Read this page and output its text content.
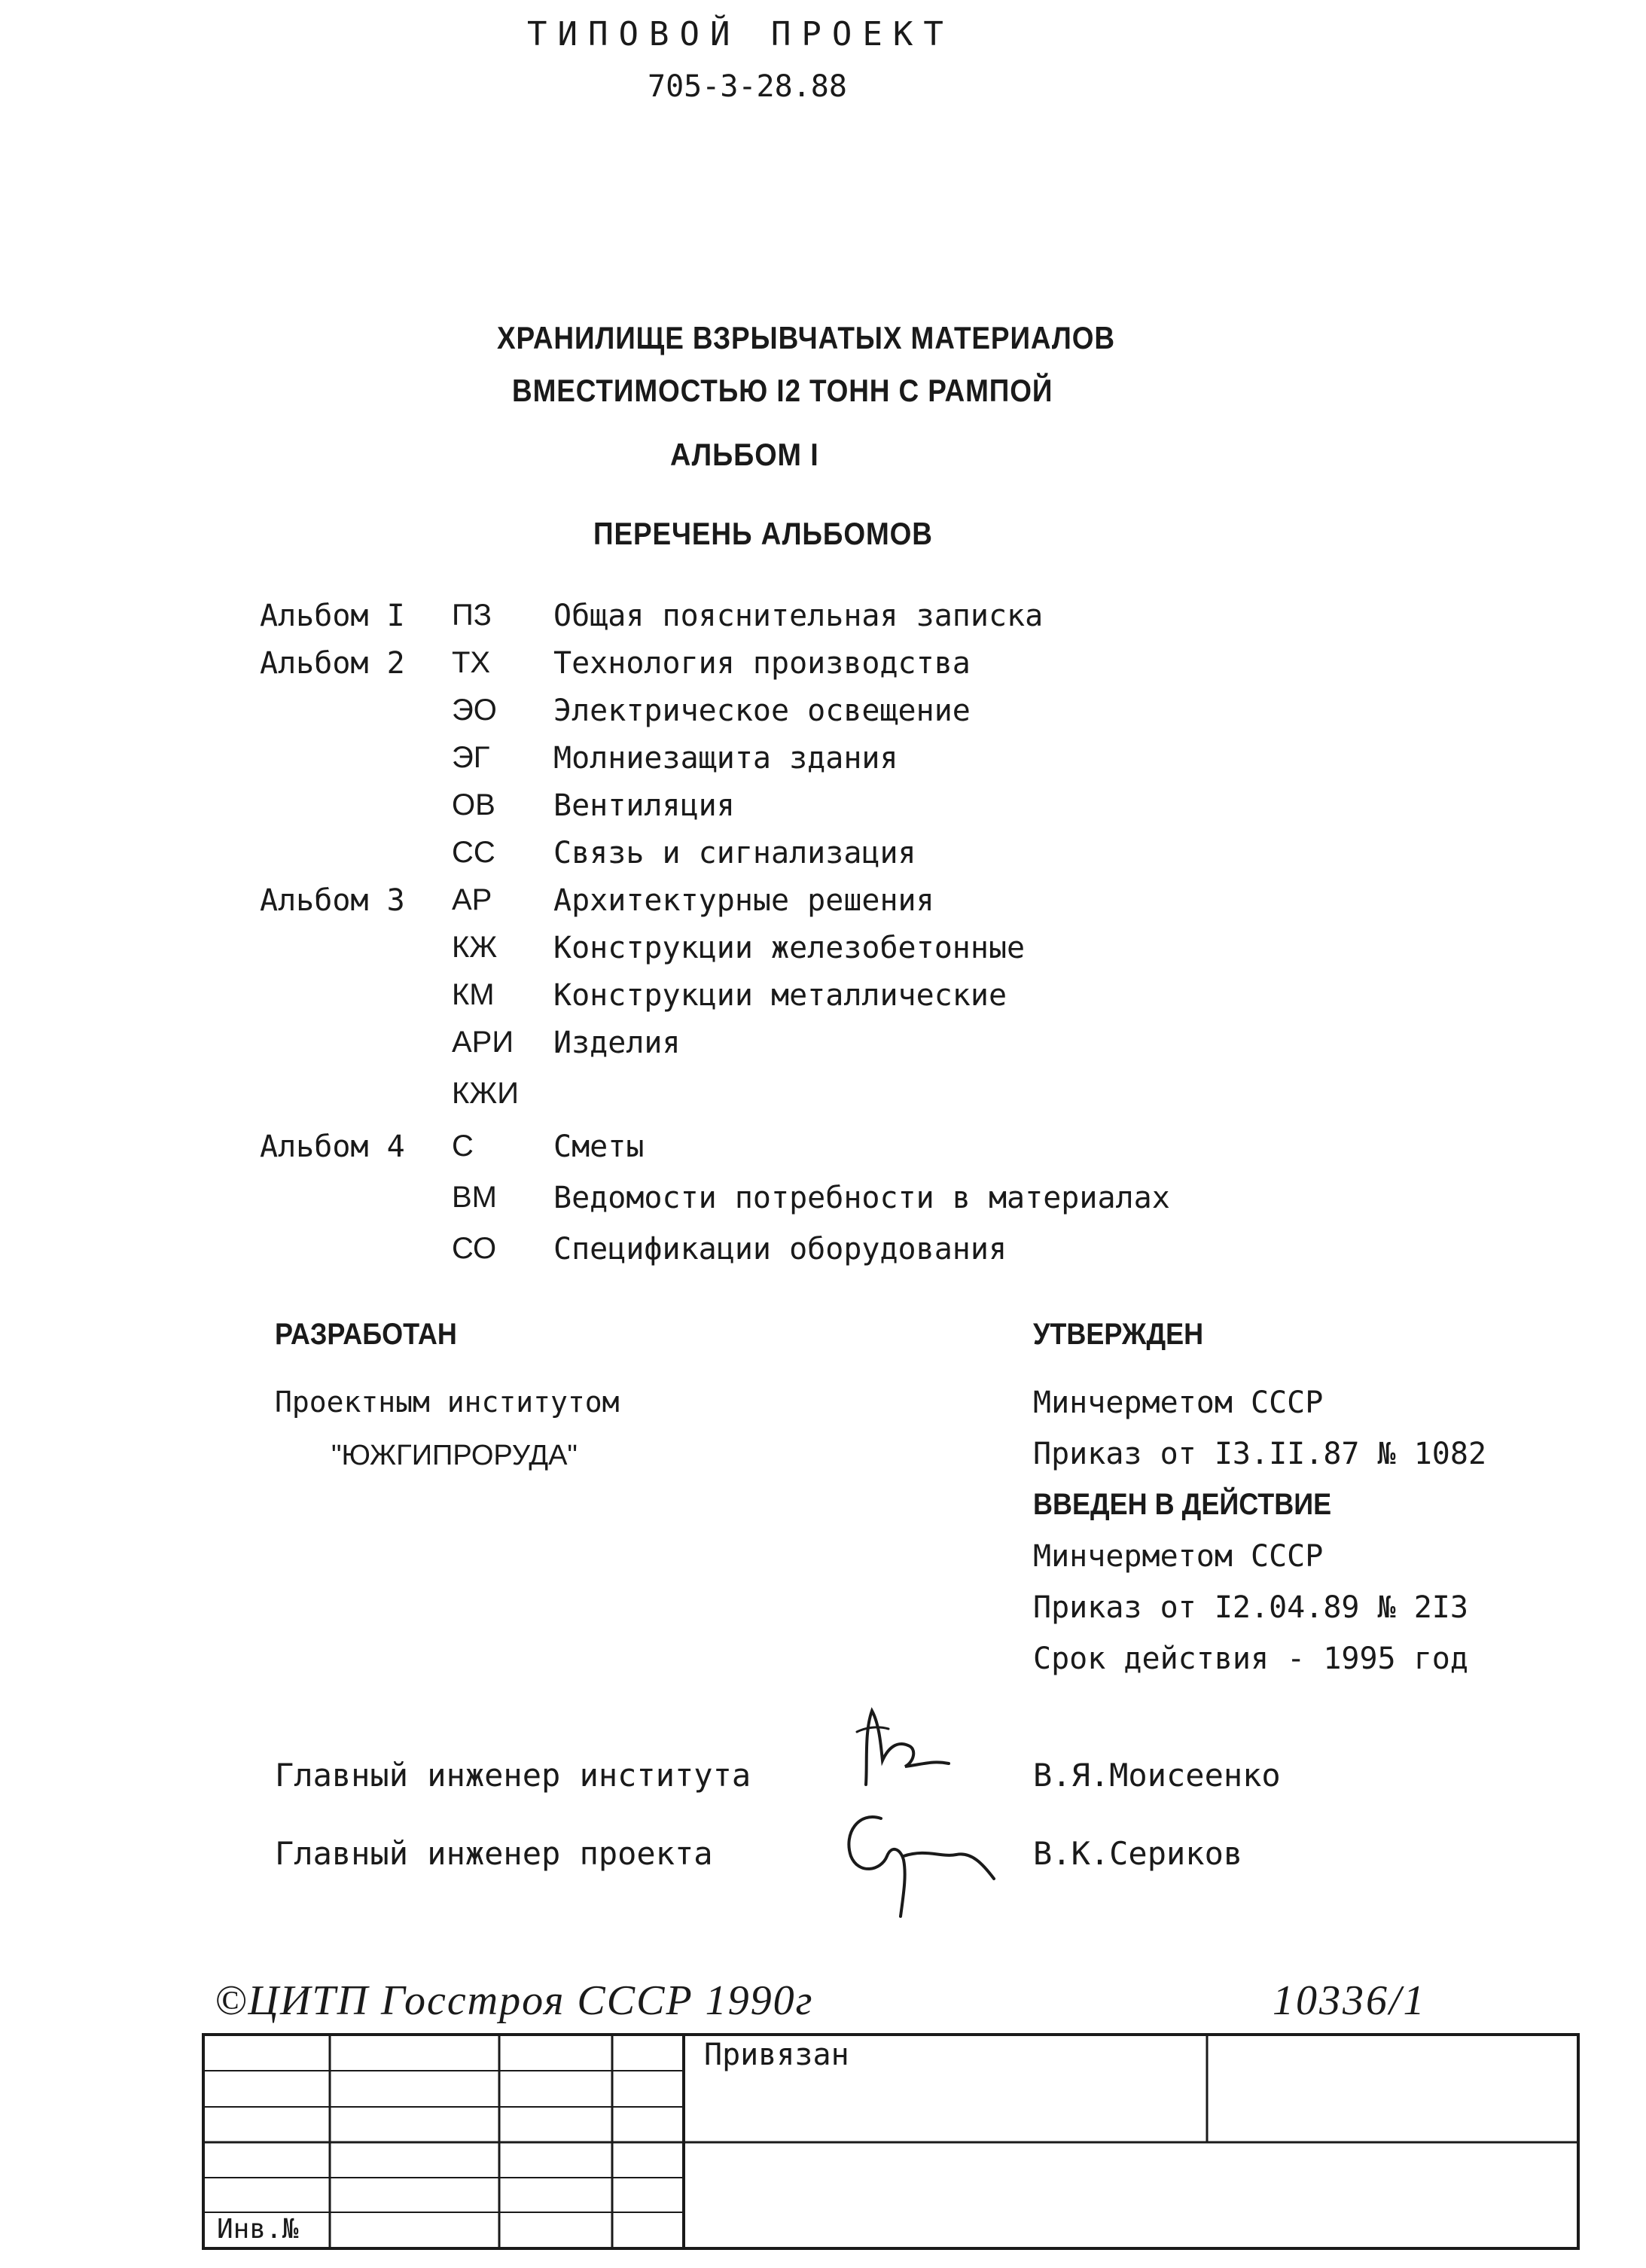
ТИПОВОЙ ПРОЕКТ
705-3-28.88
ХРАНИЛИЩЕ ВЗРЫВЧАТЫХ МАТЕРИАЛОВ
ВМЕСТИМОСТЬЮ I2 ТОНН С РАМПОЙ
АЛЬБОМ I
ПЕРЕЧЕНЬ АЛЬБОМОВ
Альбом I ПЗ Общая пояснительная записка
Альбом 2 ТХ Технология производства
ЭО Электрическое освещение
ЭГ Молниезащита здания
ОВ Вентиляция
СС Связь и сигнализация
Альбом 3 АР Архитектурные решения
КЖ Конструкции железобетонные
КМ Конструкции металлические
АРИ Изделия
КЖИ
Альбом 4 С	Сметы
ВМ Ведомости потребности в материалах
СО Спецификации оборудования
РАЗРАБОТАН
Проектным институтом
"ЮЖГИПРОРУДА"
УТВЕРЖДЕН
Минчерметом СССР
Приказ от I3.II.87 № 1082
ВВЕДЕН В ДЕЙСТВИЕ
Минчерметом СССР
Приказ от I2.04.89 № 2I3
Срок действия - 1995 год
Главный инженер института	В.Я.Моисеенко
Главный инженер проекта	В.К.Сериков
©ЦИТП Госстроя СССР 1990г	10336/1
Привязан
Инв.№
